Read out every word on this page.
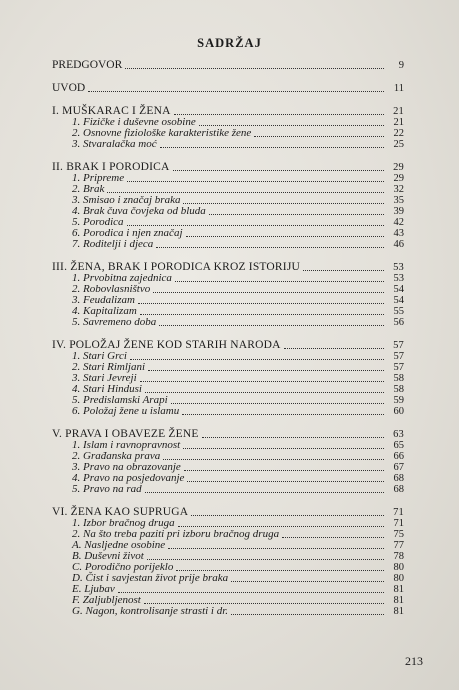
SADRŽAJ
PREDGOVOR	9
UVOD	11
I. MUŠKARAC I ŽENA	21
1. Fizičke i duševne osobine	21
2. Osnovne fiziološke karakteristike žene	22
3. Stvaralačka moć	25
II. BRAK I PORODICA	29
1. Pripreme	29
2. Brak	32
3. Smisao i značaj braka	35
4. Brak čuva čovjeka od bluda	39
5. Porodica	42
6. Porodica i njen značaj	43
7. Roditelji i djeca	46
III. ŽENA, BRAK I PORODICA KROZ ISTORIJU	53
1. Prvobitna zajednica	53
2. Robovlasništvo	54
3. Feudalizam	54
4. Kapitalizam	55
5. Savremeno doba	56
IV. POLOŽAJ ŽENE KOD STARIH NARODA	57
1. Stari Grci	57
2. Stari Rimljani	57
3. Stari Jevreji	58
4. Stari Hindusi	58
5. Predislamski Arapi	59
6. Položaj žene u islamu	60
V. PRAVA I OBAVEZE ŽENE	63
1. Islam i ravnopravnost	65
2. Građanska prava	66
3. Pravo na obrazovanje	67
4. Pravo na posjedovanje	68
5. Pravo na rad	68
VI. ŽENA KAO SUPRUGA	71
1. Izbor bračnog druga	71
2. Na što treba paziti pri izboru bračnog druga	75
A. Nasljedne osobine	77
B. Duševni život	78
C. Porodično porijeklo	80
D. Čist i savjestan život prije braka	80
E. Ljubav	81
F. Zaljubljenost	81
G. Nagon, kontrolisanje strasti i dr.	81
213
